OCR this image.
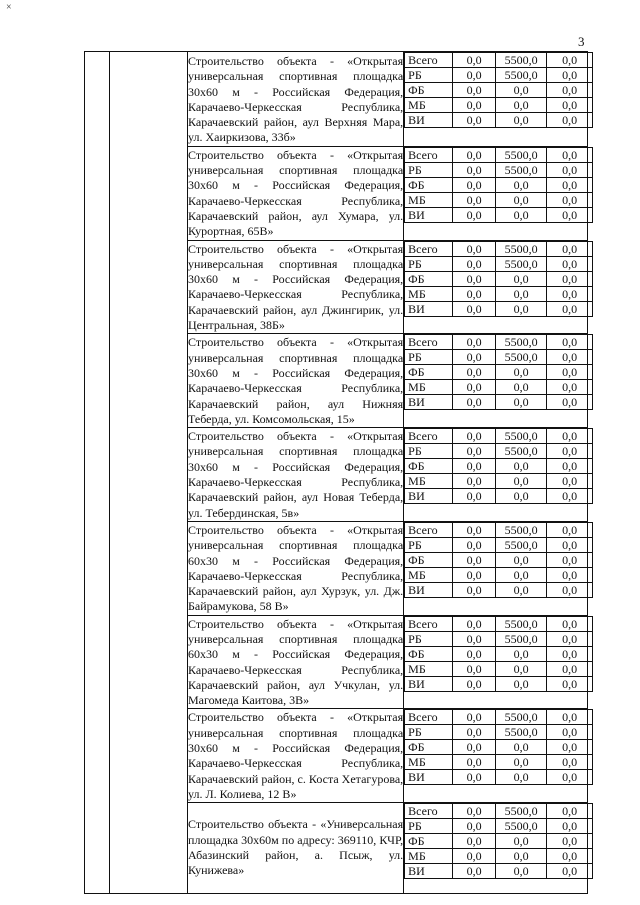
×
3
		Строительство объекта - «Открытая универсальная спортивная площадка 30х60 м - Российская Федерация, Карачаево-Черкесская Республика, Карачаевский район, аул Верхняя Мара, ул. Хаиркизова, 33б»	
Всего	0,0	5500,0	0,0
РБ	0,0	5500,0	0,0
ФБ	0,0	0,0	0,0
МБ	0,0	0,0	0,0
ВИ	0,0	0,0	0,0

Строительство объекта - «Открытая универсальная спортивная площадка 30х60 м - Российская Федерация, Карачаево-Черкесская Республика, Карачаевский район, аул Хумара, ул. Курортная, 65В»	
Всего	0,0	5500,0	0,0
РБ	0,0	5500,0	0,0
ФБ	0,0	0,0	0,0
МБ	0,0	0,0	0,0
ВИ	0,0	0,0	0,0

Строительство объекта - «Открытая универсальная спортивная площадка 30х60 м - Российская Федерация, Карачаево-Черкесская Республика, Карачаевский район, аул Джингирик, ул. Центральная, 38Б»	
Всего	0,0	5500,0	0,0
РБ	0,0	5500,0	0,0
ФБ	0,0	0,0	0,0
МБ	0,0	0,0	0,0
ВИ	0,0	0,0	0,0

Строительство объекта - «Открытая универсальная спортивная площадка 30х60 м - Российская Федерация, Карачаево-Черкесская Республика, Карачаевский район, аул Нижняя Теберда, ул. Комсомольская, 15»	
Всего	0,0	5500,0	0,0
РБ	0,0	5500,0	0,0
ФБ	0,0	0,0	0,0
МБ	0,0	0,0	0,0
ВИ	0,0	0,0	0,0

Строительство объекта - «Открытая универсальная спортивная площадка 30х60 м - Российская Федерация, Карачаево-Черкесская Республика, Карачаевский район, аул Новая Теберда, ул. Тебердинская, 5в»	
Всего	0,0	5500,0	0,0
РБ	0,0	5500,0	0,0
ФБ	0,0	0,0	0,0
МБ	0,0	0,0	0,0
ВИ	0,0	0,0	0,0

Строительство объекта - «Открытая универсальная спортивная площадка 60х30 м - Российская Федерация, Карачаево-Черкесская Республика, Карачаевский район, аул Хурзук, ул. Дж. Байрамукова, 58 В»	
Всего	0,0	5500,0	0,0
РБ	0,0	5500,0	0,0
ФБ	0,0	0,0	0,0
МБ	0,0	0,0	0,0
ВИ	0,0	0,0	0,0

Строительство объекта - «Открытая универсальная спортивная площадка 60х30 м - Российская Федерация, Карачаево-Черкесская Республика, Карачаевский район, аул Учкулан, ул. Магомеда Каитова, 3В»	
Всего	0,0	5500,0	0,0
РБ	0,0	5500,0	0,0
ФБ	0,0	0,0	0,0
МБ	0,0	0,0	0,0
ВИ	0,0	0,0	0,0

Строительство объекта - «Открытая универсальная спортивная площадка 30х60 м - Российская Федерация, Карачаево-Черкесская Республика, Карачаевский район, с. Коста Хетагурова, ул. Л. Колиева, 12 В»	
Всего	0,0	5500,0	0,0
РБ	0,0	5500,0	0,0
ФБ	0,0	0,0	0,0
МБ	0,0	0,0	0,0
ВИ	0,0	0,0	0,0

Строительство объекта - «Универсальная площадка 30х60м по адресу: 369110, КЧР, Абазинский район, а. Псыж, ул. Кунижева»	
Всего	0,0	5500,0	0,0
РБ	0,0	5500,0	0,0
ФБ	0,0	0,0	0,0
МБ	0,0	0,0	0,0
ВИ	0,0	0,0	0,0
